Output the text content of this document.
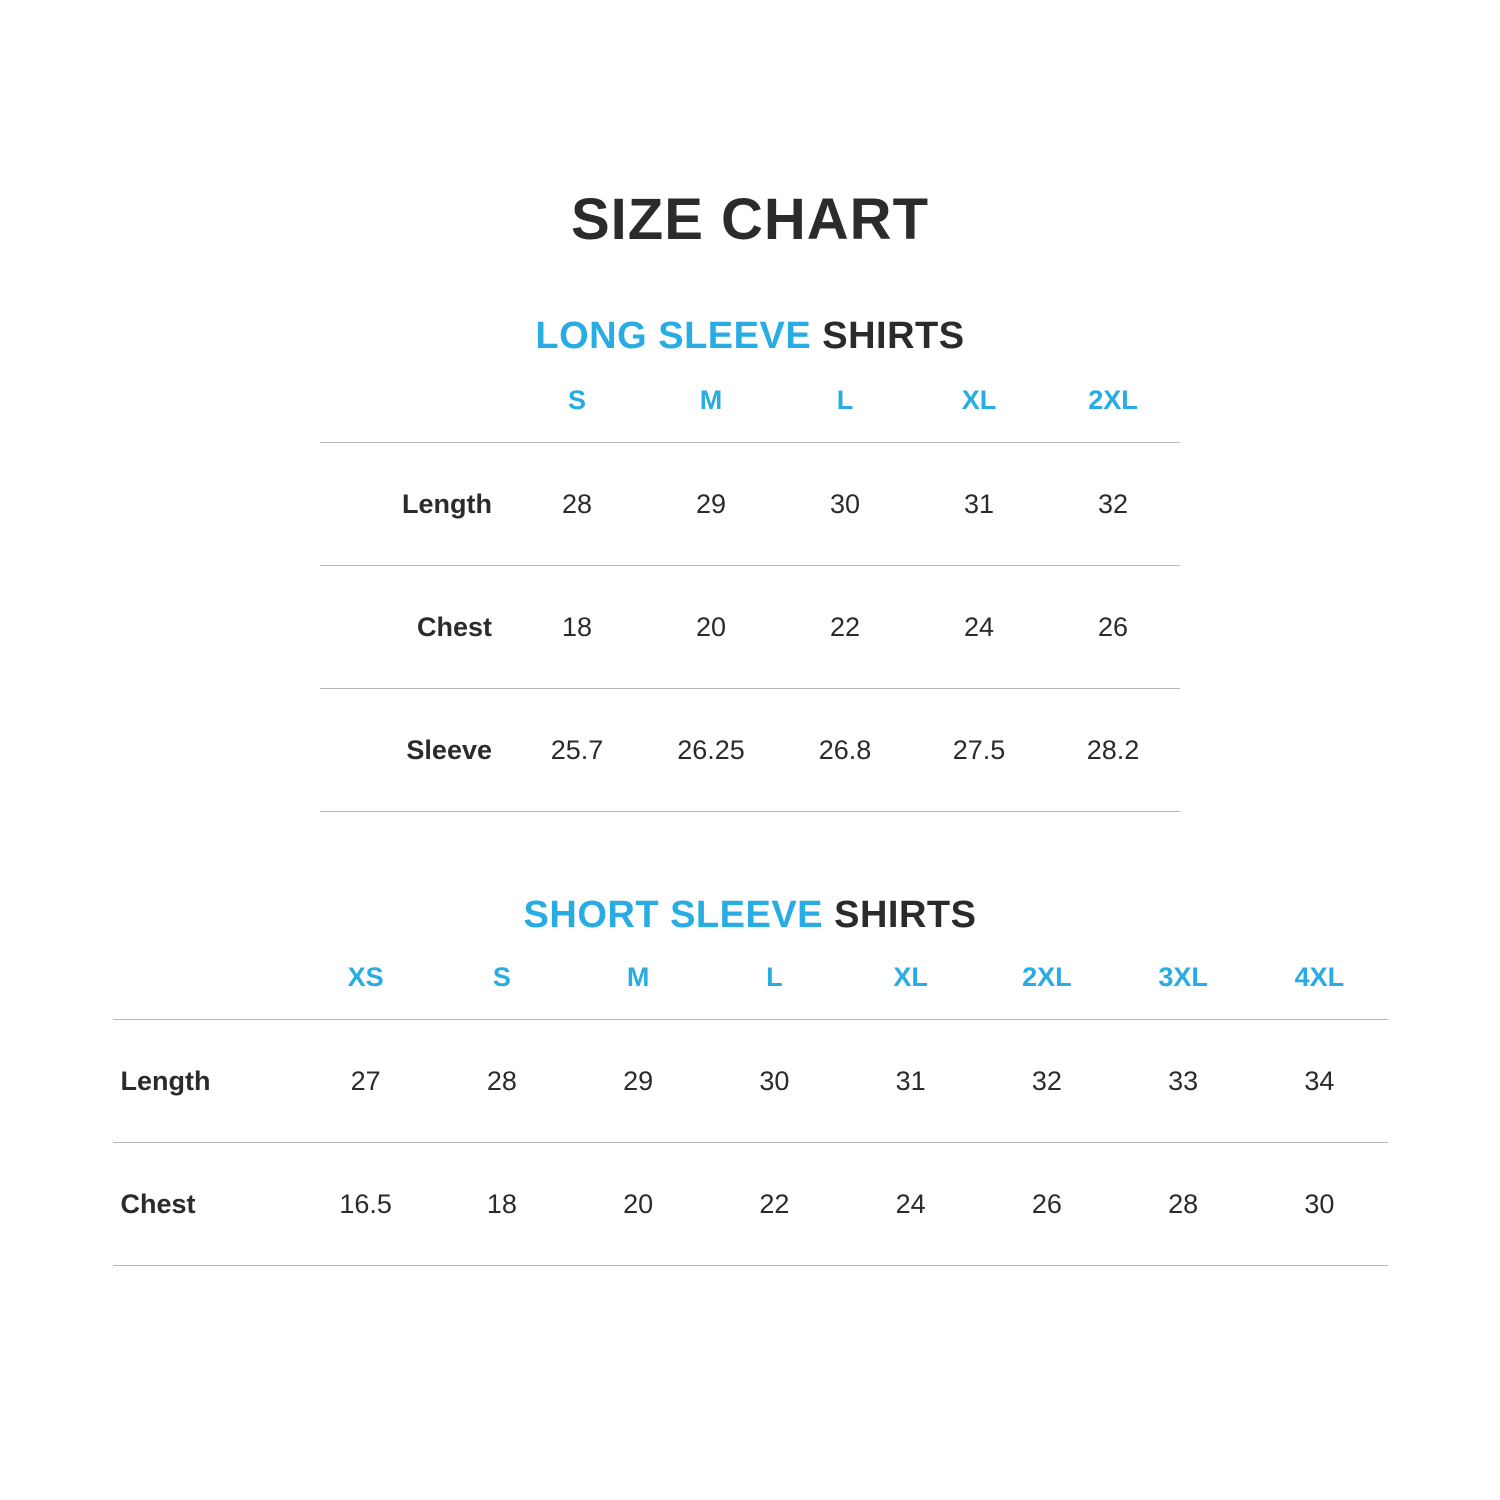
SIZE CHART
LONG SLEEVE SHIRTS
	S	M	L	XL	2XL
Length	28	29	30	31	32
Chest	18	20	22	24	26
Sleeve	25.7	26.25	26.8	27.5	28.2
SHORT SLEEVE SHIRTS
	XS	S	M	L	XL	2XL	3XL	4XL
Length	27	28	29	30	31	32	33	34
Chest	16.5	18	20	22	24	26	28	30
